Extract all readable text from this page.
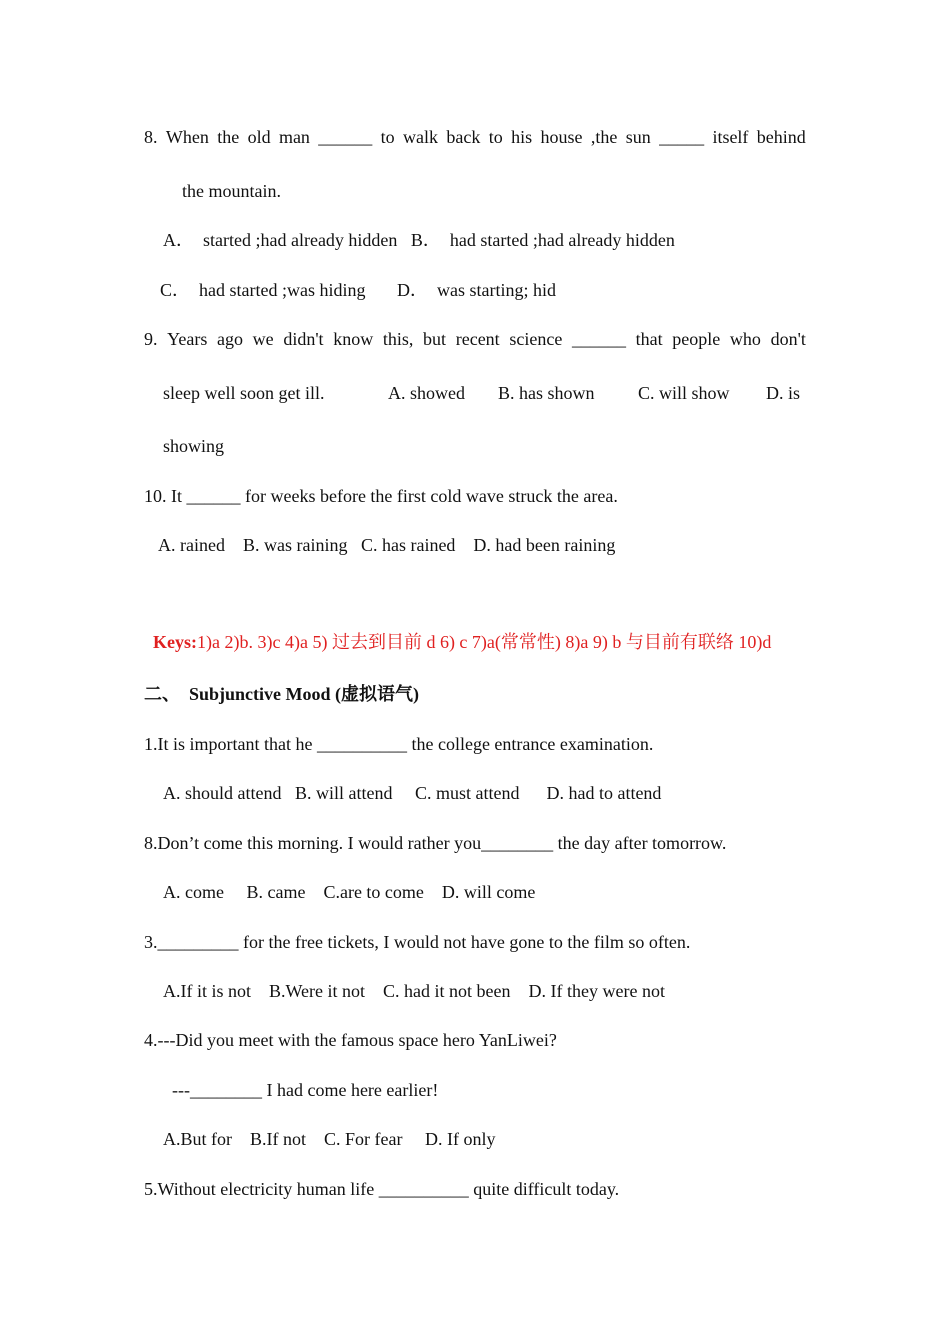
8. When the old man ______ to walk back to his house ,the sun _____ itself behind
the mountain.
A．  started ;had already hidden   B．  had started ;had already hidden
C．  had started ;was hiding       D．  was starting; hid
9. Years ago we didn't know this, but recent science ______ that people who don't
sleep well soon get ill.	A. showed B. has shown C. will show D. is
showing
10. It ______ for weeks before the first cold wave struck the area.
A. rained    B. was raining   C. has rained    D. had been raining

Keys:1)a 2)b. 3)c 4)a 5) 过去到目前 d 6) c 7)a(常常性) 8)a 9) b 与目前有联络 10)d

二、  Subjunctive Mood (虚拟语气)
1.It is important that he __________ the college entrance examination.
A. should attend   B. will attend     C. must attend      D. had to attend
8.Don’t come this morning. I would rather you________ the day after tomorrow.
A. come     B. came    C.are to come    D. will come
3._________ for the free tickets, I would not have gone to the film so often.
A.If it is not    B.Were it not    C. had it not been    D. If they were not
4.---Did you meet with the famous space hero YanLiwei?
---________ I had come here earlier!
A.But for    B.If not    C. For fear     D. If only
5.Without electricity human life __________ quite difficult today.
